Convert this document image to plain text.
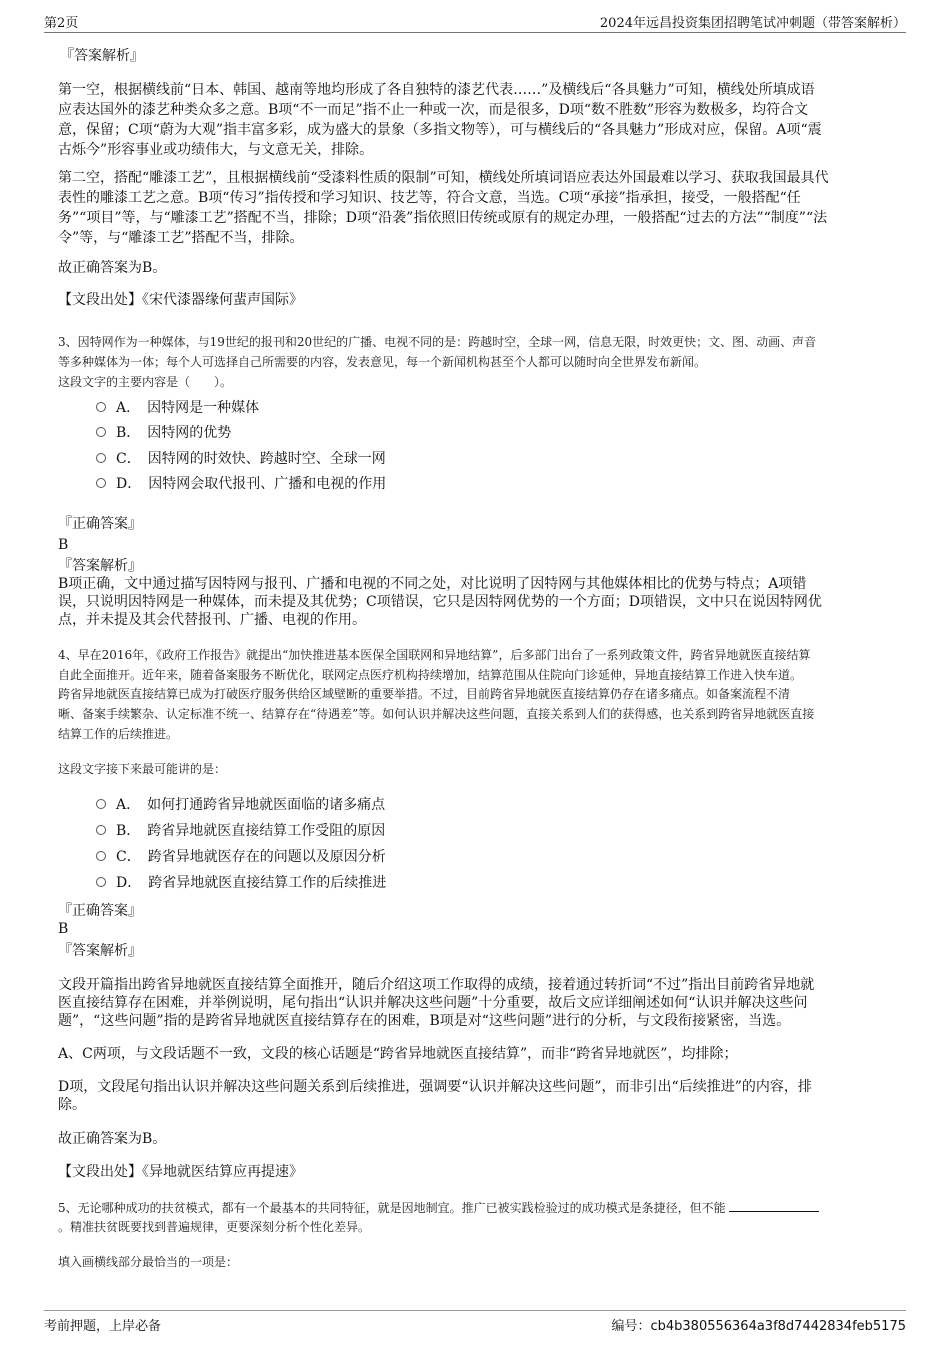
第2页	2024年远昌投资集团招聘笔试冲刺题（带答案解析）

『答案解析』

第一空，根据横线前“日本、韩国、越南等地均形成了各自独特的漆艺代表……”及横线后“各具魅力”可知，横线处所填成语

应表达国外的漆艺种类众多之意。B项“不一而足”指不止一种或一次，而是很多，D项“数不胜数”形容为数极多，均符合文

意，保留；C项“蔚为大观”指丰富多彩，成为盛大的景象（多指文物等），可与横线后的“各具魅力”形成对应，保留。A项“震

古烁今”形容事业或功绩伟大，与文意无关，排除。

第二空，搭配“雕漆工艺”，且根据横线前“受漆料性质的限制”可知，横线处所填词语应表达外国最难以学习、获取我国最具代

表性的雕漆工艺之意。B项“传习”指传授和学习知识、技艺等，符合文意，当选。C项“承接”指承担，接受，一般搭配“任

务”“项目”等，与“雕漆工艺”搭配不当，排除；D项“沿袭”指依照旧传统或原有的规定办理，一般搭配“过去的方法”“制度”“法

令”等，与“雕漆工艺”搭配不当，排除。

故正确答案为B。

【文段出处】《宋代漆器缘何蜚声国际》

3、因特网作为一种媒体，与19世纪的报刊和20世纪的广播、电视不同的是：跨越时空，全球一网，信息无限，时效更快；文、图、动画、声音

等多种媒体为一体；每个人可选择自己所需要的内容，发表意见，每一个新闻机构甚至个人都可以随时向全世界发布新闻。

这段文字的主要内容是（　　）。

A．　因特网是一种媒体
B．　因特网的优势
C．　因特网的时效快、跨越时空、全球一网
D．　因特网会取代报刊、广播和电视的作用

『正确答案』

B

『答案解析』

B项正确，文中通过描写因特网与报刊、广播和电视的不同之处，对比说明了因特网与其他媒体相比的优势与特点；A项错

误，只说明因特网是一种媒体，而未提及其优势；C项错误，它只是因特网优势的一个方面；D项错误，文中只在说因特网优

点，并未提及其会代替报刊、广播、电视的作用。

4、早在2016年，《政府工作报告》就提出“加快推进基本医保全国联网和异地结算”，后多部门出台了一系列政策文件，跨省异地就医直接结算

自此全面推开。近年来，随着备案服务不断优化，联网定点医疗机构持续增加，结算范围从住院向门诊延伸，异地直接结算工作进入快车道。

跨省异地就医直接结算已成为打破医疗服务供给区域壁断的重要举措。不过，目前跨省异地就医直接结算仍存在诸多痛点。如备案流程不清

晰、备案手续繁杂、认定标准不统一、结算存在“待遇差”等。如何认识并解决这些问题，直接关系到人们的获得感，也关系到跨省异地就医直接

结算工作的后续推进。

这段文字接下来最可能讲的是：

A．　如何打通跨省异地就医面临的诸多痛点
B．　跨省异地就医直接结算工作受阻的原因
C．　跨省异地就医存在的问题以及原因分析
D．　跨省异地就医直接结算工作的后续推进

『正确答案』

B

『答案解析』

文段开篇指出跨省异地就医直接结算全面推开，随后介绍这项工作取得的成绩，接着通过转折词“不过”指出目前跨省异地就

医直接结算存在困难，并举例说明，尾句指出“认识并解决这些问题”十分重要，故后文应详细阐述如何“认识并解决这些问

题”，“这些问题”指的是跨省异地就医直接结算存在的困难，B项是对“这些问题”进行的分析，与文段衔接紧密，当选。

A、C两项，与文段话题不一致，文段的核心话题是“跨省异地就医直接结算”，而非“跨省异地就医”，均排除；

D项，文段尾句指出认识并解决这些问题关系到后续推进，强调要“认识并解决这些问题”，而非引出“后续推进”的内容，排

除。

故正确答案为B。

【文段出处】《异地就医结算应再提速》

5、无论哪种成功的扶贫模式，都有一个最基本的共同特征，就是因地制宜。推广已被实践检验过的成功模式是条捷径，但不能

。精准扶贫既要找到普遍规律，更要深刻分析个性化差异。

填入画横线部分最恰当的一项是：

考前押题，上岸必备	编号：cb4b380556364a3f8d7442834feb5175
